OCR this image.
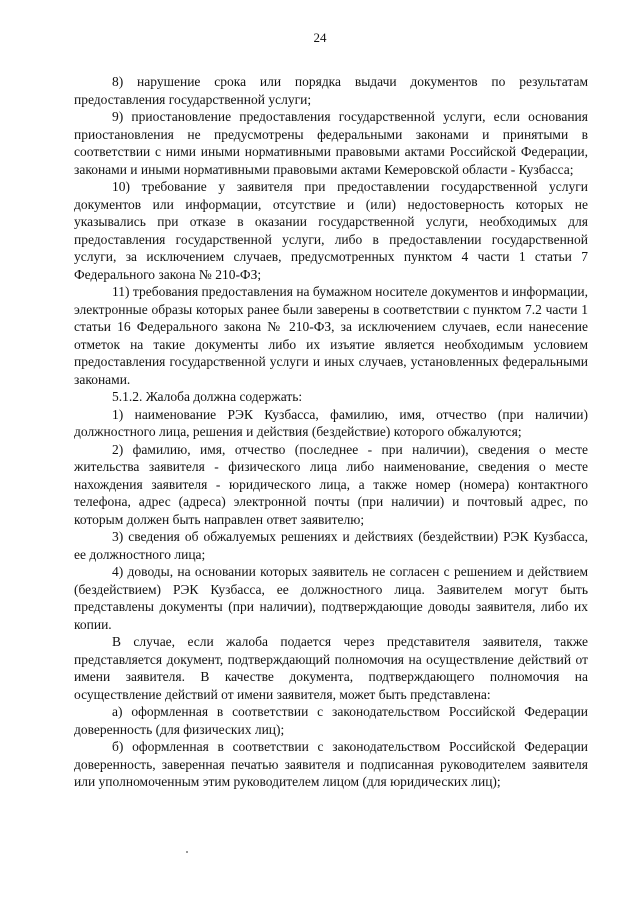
24

8) нарушение срока или порядка выдачи документов по результатам предоставления государственной услуги;

9) приостановление предоставления государственной услуги, если основания приостановления не предусмотрены федеральными законами и принятыми в соответствии с ними иными нормативными правовыми актами Российской Федерации, законами и иными нормативными правовыми актами Кемеровской области - Кузбасса;

10) требование у заявителя при предоставлении государственной услуги документов или информации, отсутствие и (или) недостоверность которых не указывались при отказе в оказании государственной услуги, необходимых для предоставления государственной услуги, либо в предоставлении государственной услуги, за исключением случаев, предусмотренных пунктом 4 части 1 статьи 7 Федерального закона № 210-ФЗ;

11) требования предоставления на бумажном носителе документов и информации, электронные образы которых ранее были заверены в соответствии с пунктом 7.2 части 1 статьи 16 Федерального закона № 210-ФЗ, за исключением случаев, если нанесение отметок на такие документы либо их изъятие является необходимым условием предоставления государственной услуги и иных случаев, установленных федеральными законами.

5.1.2. Жалоба должна содержать:

1) наименование РЭК Кузбасса, фамилию, имя, отчество (при наличии) должностного лица, решения и действия (бездействие) которого обжалуются;

2) фамилию, имя, отчество (последнее - при наличии), сведения о месте жительства заявителя - физического лица либо наименование, сведения о месте нахождения заявителя - юридического лица, а также номер (номера) контактного телефона, адрес (адреса) электронной почты (при наличии) и почтовый адрес, по которым должен быть направлен ответ заявителю;

3) сведения об обжалуемых решениях и действиях (бездействии) РЭК Кузбасса, ее должностного лица;

4) доводы, на основании которых заявитель не согласен с решением и действием (бездействием) РЭК Кузбасса, ее должностного лица. Заявителем могут быть представлены документы (при наличии), подтверждающие доводы заявителя, либо их копии.

В случае, если жалоба подается через представителя заявителя, также представляется документ, подтверждающий полномочия на осуществление действий от имени заявителя. В качестве документа, подтверждающего полномочия на осуществление действий от имени заявителя, может быть представлена:

а) оформленная в соответствии с законодательством Российской Федерации доверенность (для физических лиц);

б) оформленная в соответствии с законодательством Российской Федерации доверенность, заверенная печатью заявителя и подписанная руководителем заявителя или уполномоченным этим руководителем лицом (для юридических лиц);
